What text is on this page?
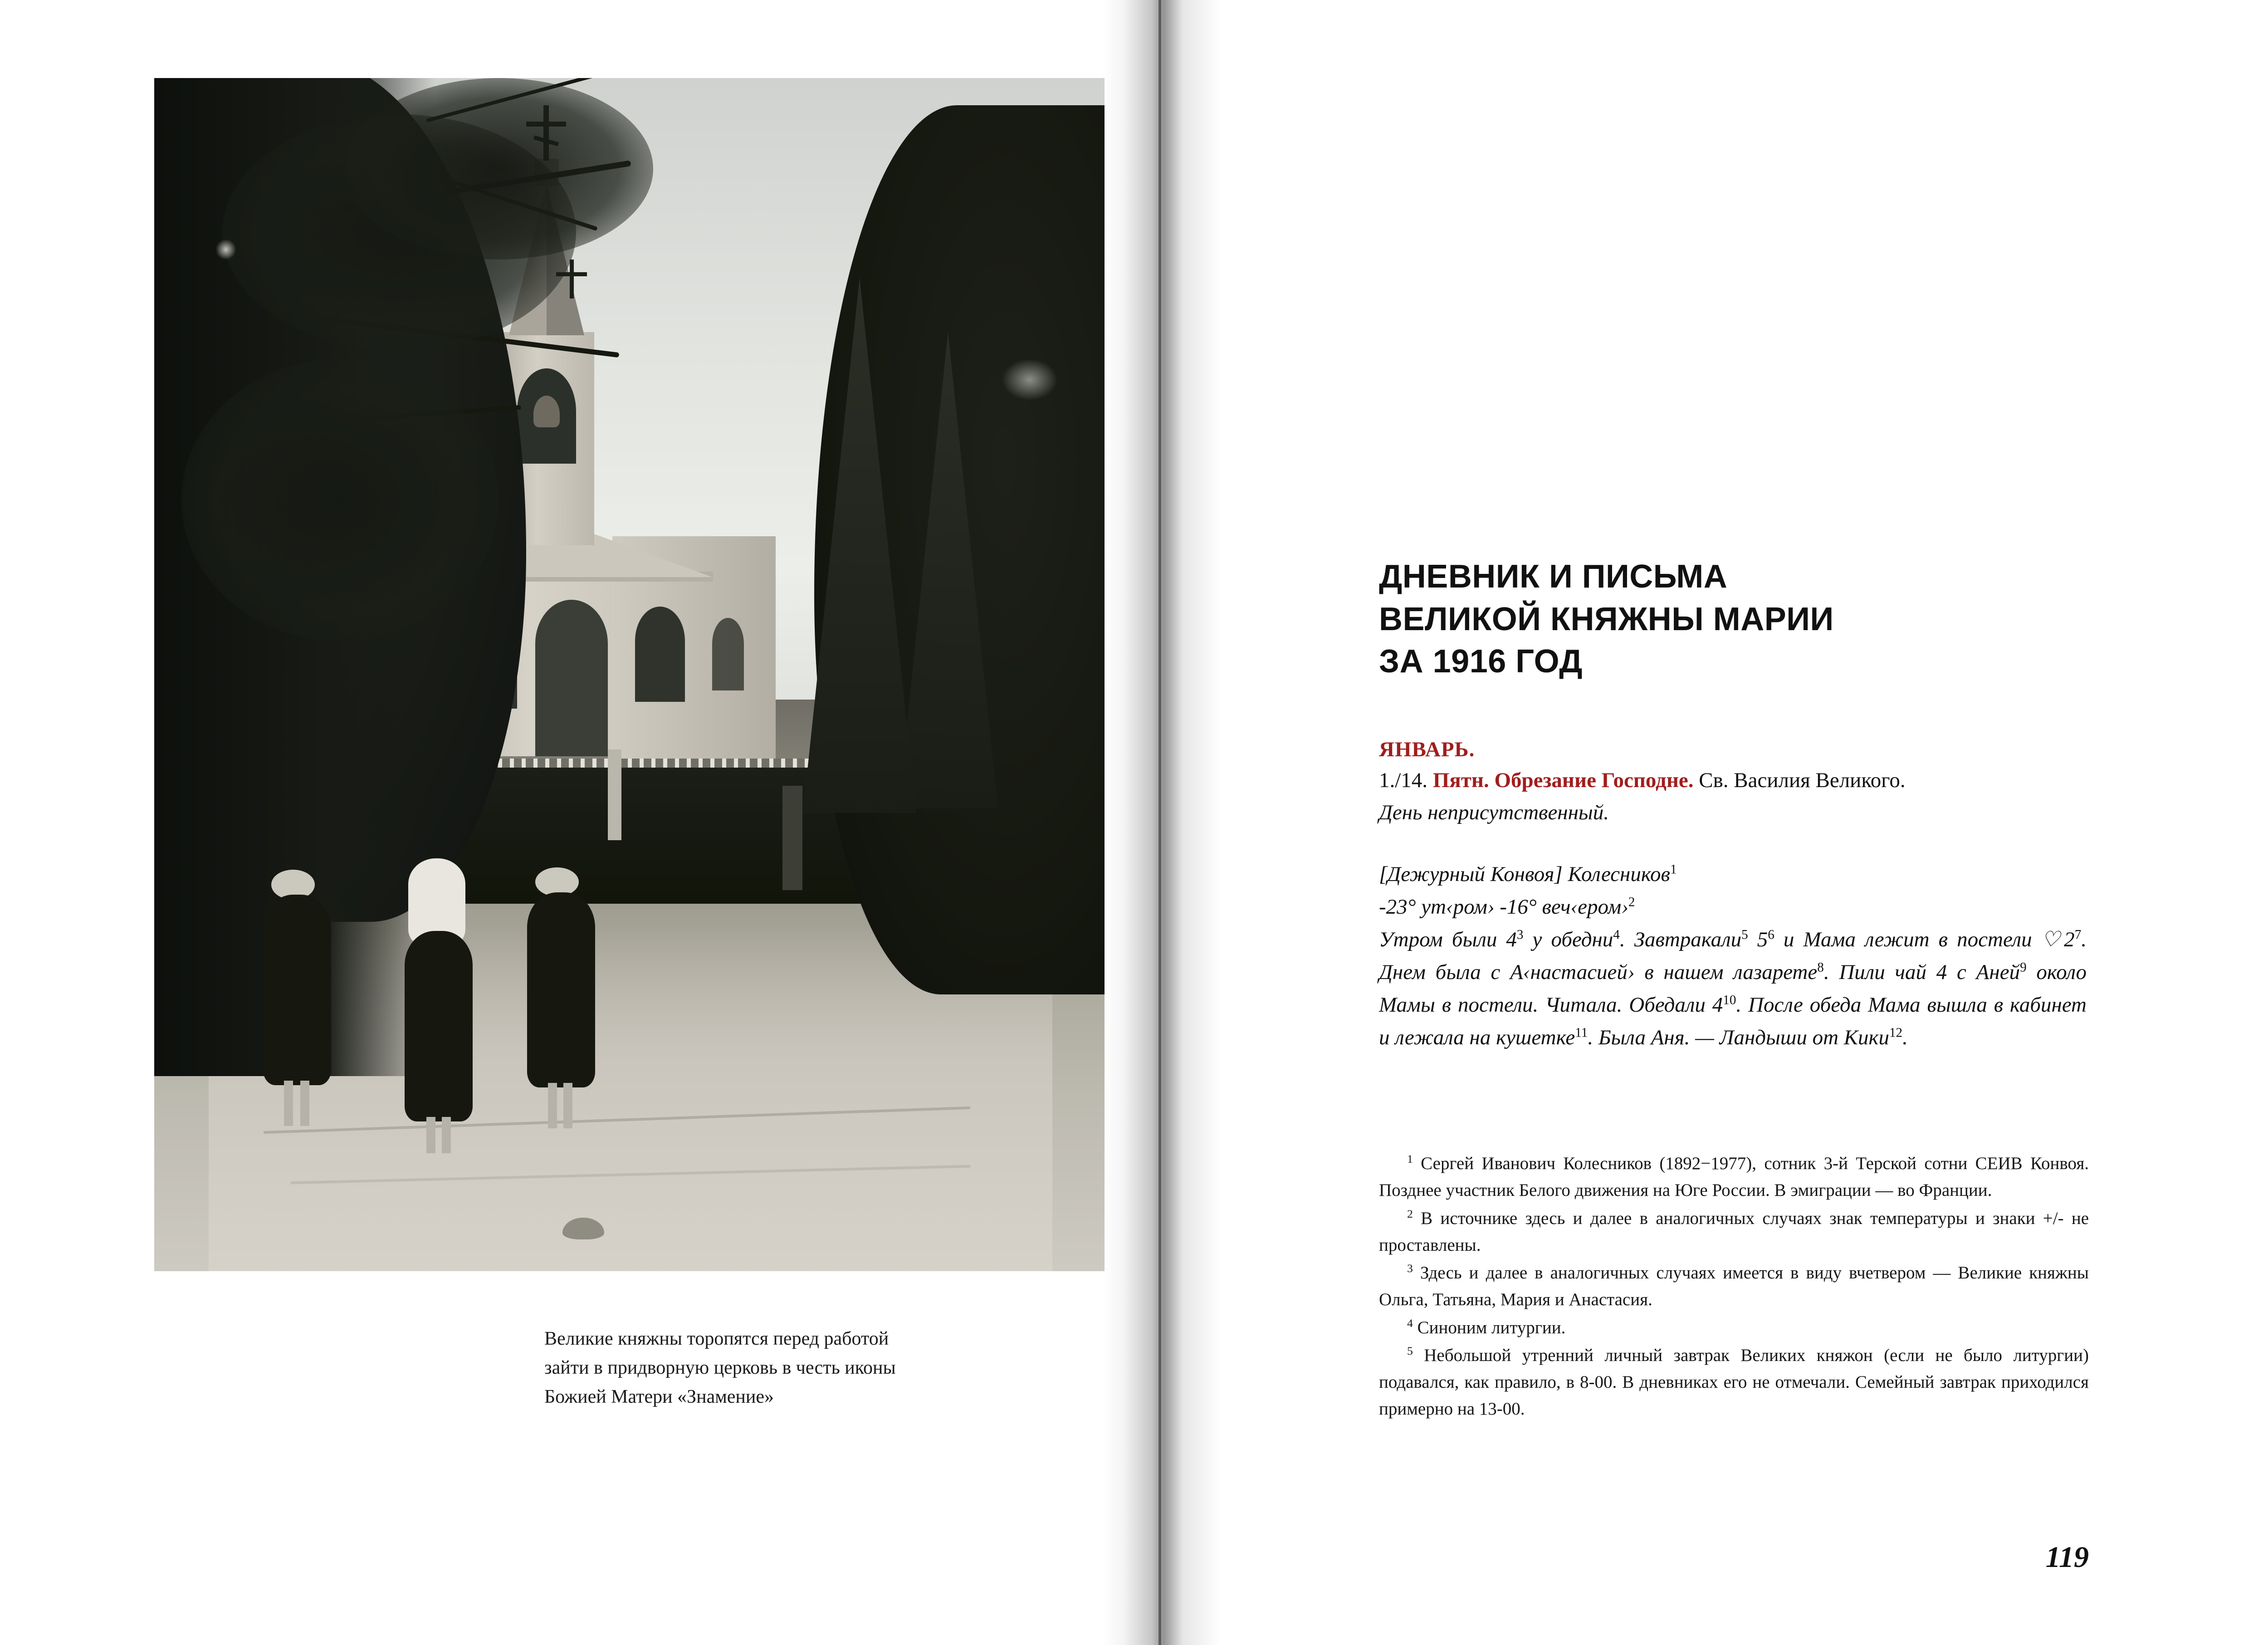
Великие княжны торопятся перед работой
зайти в придворную церковь в честь иконы
Божией Матери «Знамение»
ДНЕВНИК И ПИСЬМА
ВЕЛИКОЙ КНЯЖНЫ МАРИИ
ЗА 1916 ГОД
ЯНВАРЬ.
1./14. Пятн. Обрезание Господне. Св. Василия Великого.
День неприсутственный.
[Дежурный Конвоя] Колесников$^1$
-23° ут‹ром› -16° веч‹ером›$^2$
Утром были $4^3$ у обедни$^4$. Завтракали$^5$ $5^6$ и Мама лежит в постели $♡2^7$. Днем была с А‹настасией› в нашем лазарете$^8$. Пили чай 4 с Аней$^9$ около Мамы в постели. Читала. Обедали $4^{10}$. После обеда Мама вышла в кабинет и лежала на кушетке$^{11}$. Была Аня. — Ландыши от Кики$^{12}$.
$^1$ Сергей Иванович Колесников (1892−1977), сотник 3-й Терской сотни СЕИВ Конвоя. Позднее участник Белого движения на Юге России. В эмиграции — во Франции.
$^2$ В источнике здесь и далее в аналогичных случаях знак температуры и знаки +/- не проставлены.
$^3$ Здесь и далее в аналогичных случаях имеется в виду вчетвером — Великие княжны Ольга, Татьяна, Мария и Анастасия.
$^4$ Синоним литургии.
$^5$ Небольшой утренний личный завтрак Великих княжон (если не было литургии) подавался, как правило, в 8-00. В дневниках его не отмечали. Семейный завтрак приходился примерно на 13-00.
119
